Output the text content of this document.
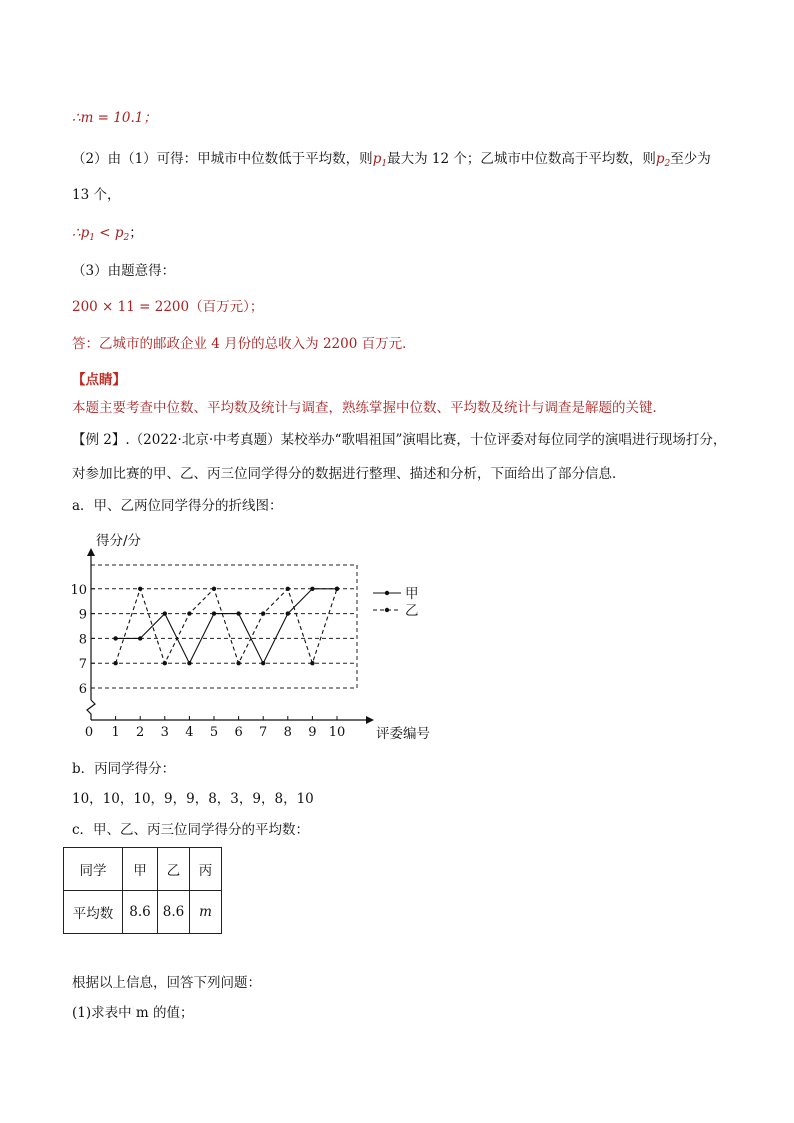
∴m = 10.1；
（2）由（1）可得：甲城市中位数低于平均数，则$p_1$最大为 12 个；乙城市中位数高于平均数，则$p_2$至少为
13 个，
$\therefore p_1 < p_2$；
（3）由题意得：
200 × 11 = 2200（百万元）；
答：乙城市的邮政企业 4 月份的总收入为 2200 百万元．
【点睛】
本题主要考查中位数、平均数及统计与调查，熟练掌握中位数、平均数及统计与调查是解题的关键．
【例 2】.（2022·北京·中考真题）某校举办“歌唱祖国”演唱比赛，十位评委对每位同学的演唱进行现场打分，
对参加比赛的甲、乙、丙三位同学得分的数据进行整理、描述和分析，下面给出了部分信息．
a．甲、乙两位同学得分的折线图：
0 1 2 3 4 5 6 7 8 9 10
6
7
8
9
10
得分/分
评委编号
甲
乙
b．丙同学得分：
10，10，10，9，9，8，3，9，8，10
c．甲、乙、丙三位同学得分的平均数：
同学	甲	乙	丙
平均数	8.6	8.6	m
根据以上信息，回答下列问题：
(1)求表中 m 的值；
